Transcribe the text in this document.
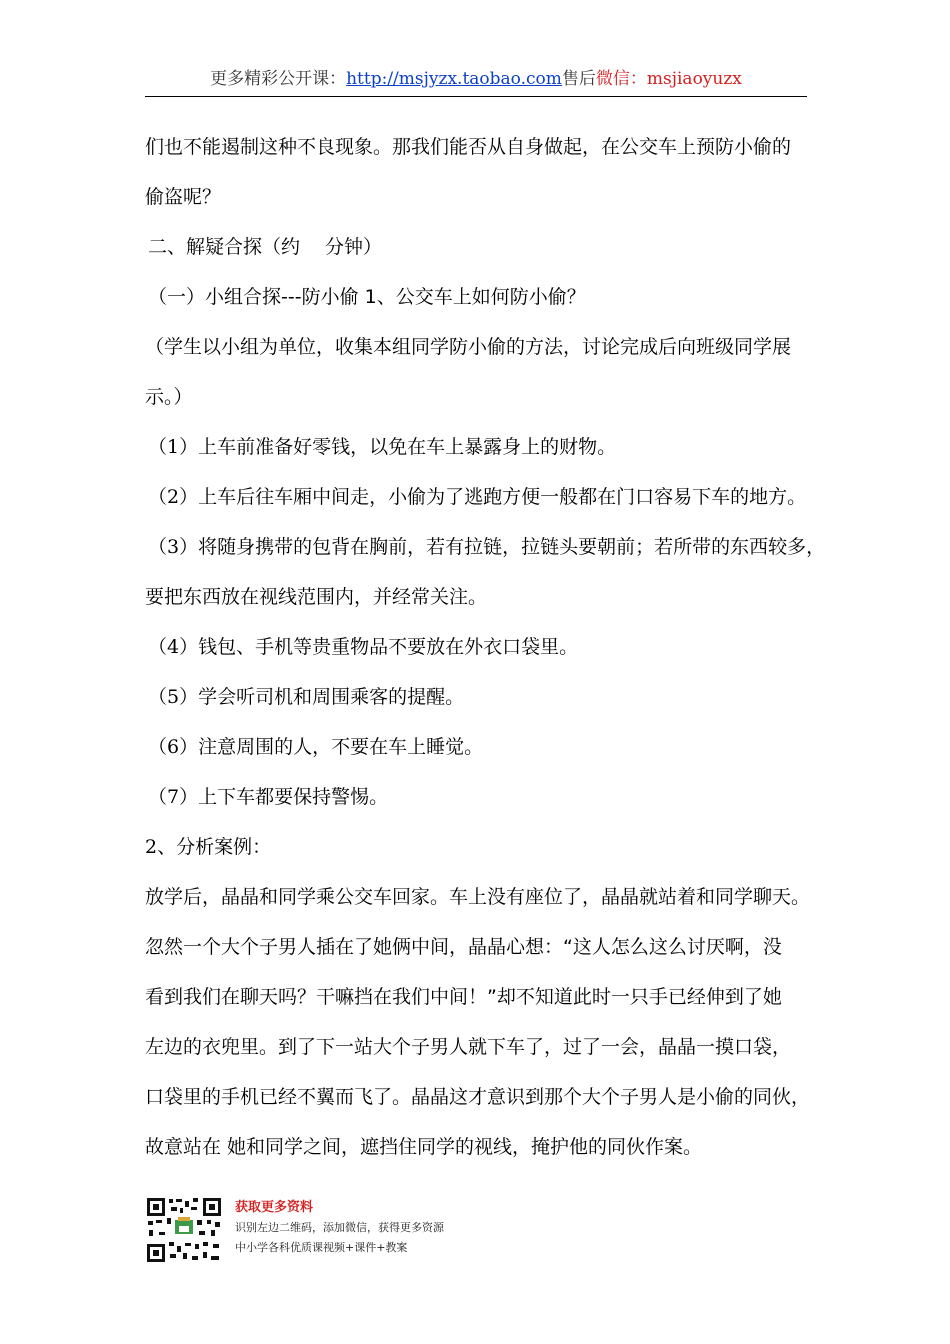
更多精彩公开课：http://msjyzx.taobao.com售后微信：msjiaoyuzx
们也不能遏制这种不良现象。那我们能否从自身做起，在公交车上预防小偷的
偷盗呢？
二、解疑合探（约　 分钟）
（一）小组合探---防小偷 1、公交车上如何防小偷？
（学生以小组为单位，收集本组同学防小偷的方法，讨论完成后向班级同学展
示。）
（1）上车前准备好零钱，以免在车上暴露身上的财物。
（2）上车后往车厢中间走，小偷为了逃跑方便一般都在门口容易下车的地方。
（3）将随身携带的包背在胸前，若有拉链，拉链头要朝前；若所带的东西较多，
要把东西放在视线范围内，并经常关注。
（4）钱包、手机等贵重物品不要放在外衣口袋里。
（5）学会听司机和周围乘客的提醒。
（6）注意周围的人，不要在车上睡觉。
（7）上下车都要保持警惕。
2、分析案例：
放学后，晶晶和同学乘公交车回家。车上没有座位了，晶晶就站着和同学聊天。
忽然一个大个子男人插在了她俩中间，晶晶心想：“这人怎么这么讨厌啊，没
看到我们在聊天吗？干嘛挡在我们中间！”却不知道此时一只手已经伸到了她
左边的衣兜里。到了下一站大个子男人就下车了，过了一会，晶晶一摸口袋，
口袋里的手机已经不翼而飞了。晶晶这才意识到那个大个子男人是小偷的同伙，
故意站在 她和同学之间，遮挡住同学的视线，掩护他的同伙作案。
获取更多资料
识别左边二维码，添加微信，获得更多资源
中小学各科优质课视频+课件+教案
